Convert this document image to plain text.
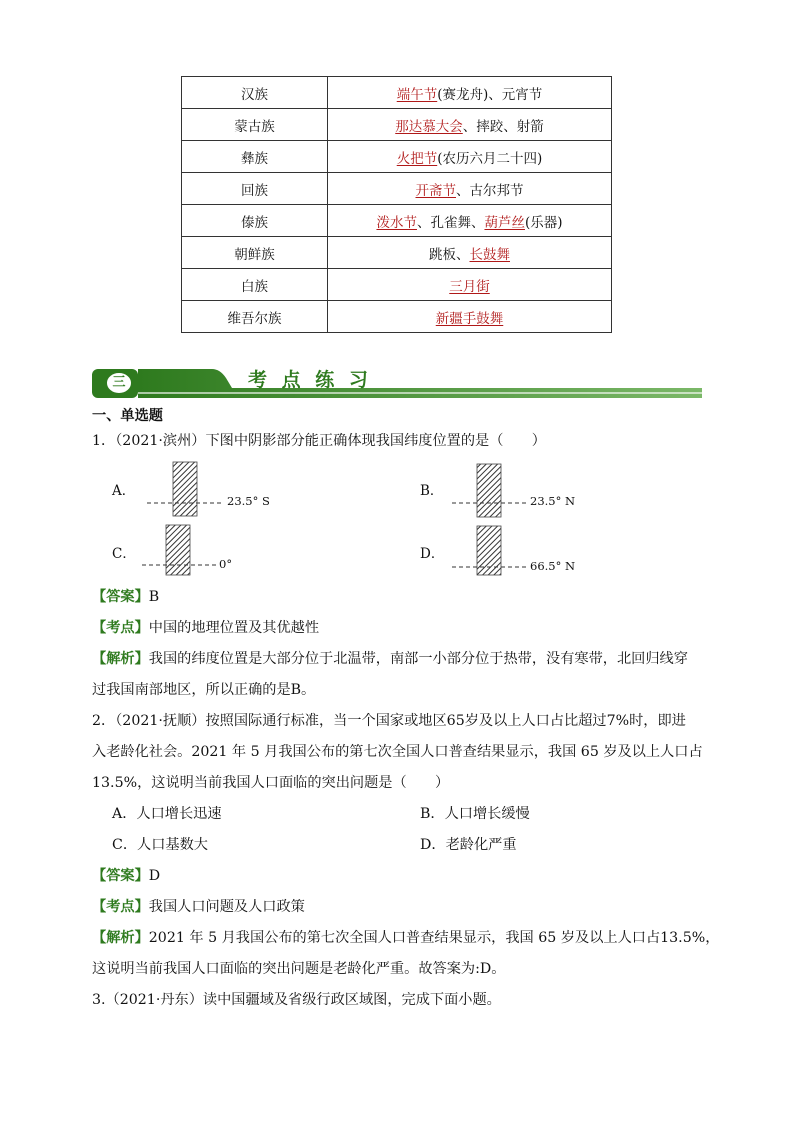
汉族	端午节(赛龙舟)、元宵节
蒙古族	那达慕大会、摔跤、射箭
彝族	火把节(农历六月二十四)
回族	开斋节、古尔邦节
傣族	泼水节、孔雀舞、葫芦丝(乐器)
朝鲜族	跳板、长鼓舞
白族	三月街
维吾尔族	新疆手鼓舞
三	考 点 练 习
一、单选题
1．（2021·滨州）下图中阴影部分能正确体现我国纬度位置的是（　　）
A．
23.5° S
B．
23.5° N
C．
0°
D．
66.5° N
【答案】B
【考点】中国的地理位置及其优越性
【解析】我国的纬度位置是大部分位于北温带，南部一小部分位于热带，没有寒带，北回归线穿
过我国南部地区，所以正确的是B。
2．（2021·抚顺）按照国际通行标准，当一个国家或地区65岁及以上人口占比超过7%时，即进
入老龄化社会。2021 年 5 月我国公布的第七次全国人口普查结果显示，我国 65 岁及以上人口占
13.5%，这说明当前我国人口面临的突出问题是（　　）
A．人口增长迅速	B．人口增长缓慢
C．人口基数大	D．老龄化严重
【答案】D
【考点】我国人口问题及人口政策
【解析】2021 年 5 月我国公布的第七次全国人口普查结果显示，我国 65 岁及以上人口占13.5%，
这说明当前我国人口面临的突出问题是老龄化严重。故答案为:D。
3.（2021·丹东）读中国疆域及省级行政区域图，完成下面小题。
